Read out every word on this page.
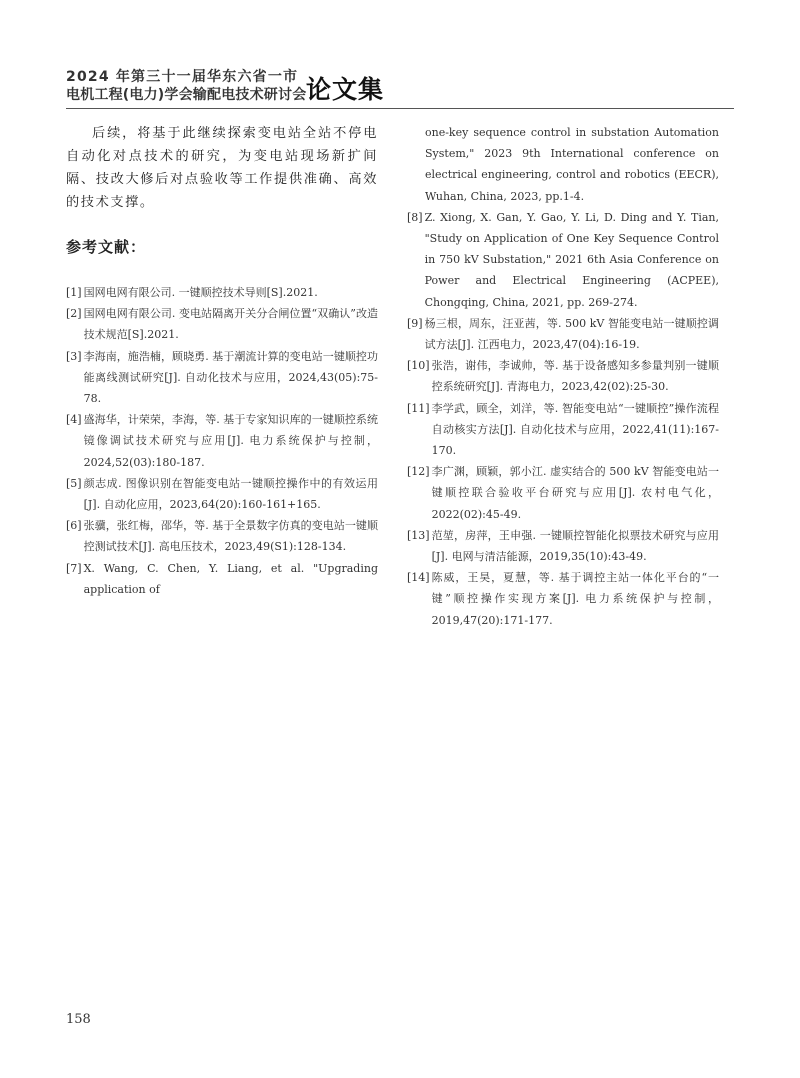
2024 年第三十一届华东六省一市
电机工程(电力)学会输配电技术研讨会 论文集
后续，将基于此继续探索变电站全站不停电自动化对点技术的研究，为变电站现场新扩间隔、技改大修后对点验收等工作提供准确、高效的技术支撑。
参考文献：
[1] 国网电网有限公司. 一键顺控技术导则[S].2021.
[2] 国网电网有限公司. 变电站隔离开关分合闸位置“双确认”改造技术规范[S].2021.
[3] 李海南，施浩楠，顾晓勇. 基于潮流计算的变电站一键顺控功能离线测试研究[J]. 自动化技术与应用，2024,43(05):75-78.
[4] 盛海华，计荣荣，李海，等. 基于专家知识库的一键顺控系统镜像调试技术研究与应用[J]. 电力系统保护与控制，2024,52(03):180-187.
[5] 颜志成. 图像识别在智能变电站一键顺控操作中的有效运用[J]. 自动化应用，2023,64(20):160-161+165.
[6] 张骥，张红梅，邵华，等. 基于全景数字仿真的变电站一键顺控测试技术[J]. 高电压技术，2023,49(S1):128-134.
[7] X. Wang, C. Chen, Y. Liang, et al. "Upgrading application of
one-key sequence control in substation Automation System," 2023 9th International conference on electrical engineering, control and robotics (EECR), Wuhan, China, 2023, pp.1-4.
[8] Z. Xiong, X. Gan, Y. Gao, Y. Li, D. Ding and Y. Tian, "Study on Application of One Key Sequence Control in 750 kV Substation," 2021 6th Asia Conference on Power and Electrical Engineering (ACPEE), Chongqing, China, 2021, pp. 269-274.
[9] 杨三根，周东，汪亚茜，等. 500 kV 智能变电站一键顺控调试方法[J]. 江西电力，2023,47(04):16-19.
[10] 张浩，谢伟，李诚帅，等. 基于设备感知多参量判别一键顺控系统研究[J]. 青海电力，2023,42(02):25-30.
[11] 李学武，顾全，刘洋，等. 智能变电站“一键顺控”操作流程自动核实方法[J]. 自动化技术与应用，2022,41(11):167-170.
[12] 李广渊，顾颖，郭小江. 虚实结合的 500 kV 智能变电站一键顺控联合验收平台研究与应用[J]. 农村电气化，2022(02):45-49.
[13] 范堃，房萍，王申强. 一键顺控智能化拟票技术研究与应用[J]. 电网与清洁能源，2019,35(10):43-49.
[14] 陈威，王昊，夏慧，等. 基于调控主站一体化平台的“一键”顺控操作实现方案[J]. 电力系统保护与控制，2019,47(20):171-177.
158
